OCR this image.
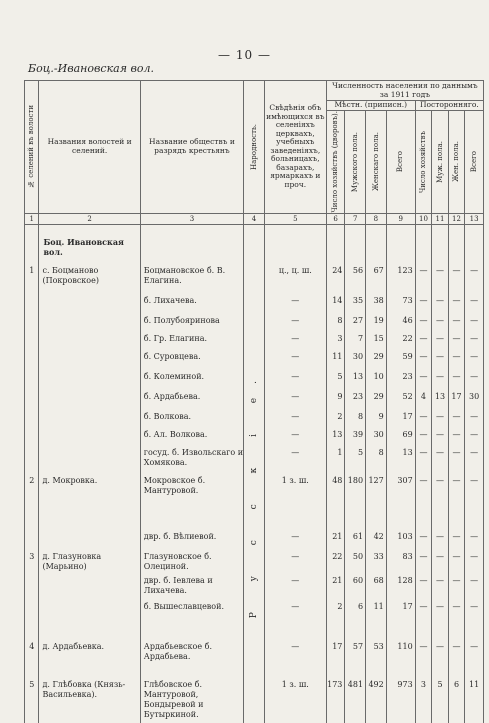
— 10 —
Боц.-Ивановская вол.
№ селений въ волости	Названия волостей и селений.	Название обществъ и разрядъ крестьянъ	Народность.	Свѣдѣнія объ имѣющихся въ селеніяхъ церквахъ, учебныхъ заведеніяхъ, больницахъ, базарахъ, ярмаркахъ и проч.	Численность населения по даннымъ за 1911 годъ							
					Мѣстн. (приписн.)				Посторонняго.			

					Число хозяйствъ (дворовъ).	Мужского пола.	Женскаго пола.	Всего	Число хозяйствъ	Муж. пола.	Жен. пола.	Всего

1	2	3	4	5	6	7	8	9	10	11	12	13
	Боц. Ивановская вол.											
1	с. Боцманово (Покровское)	Боцмановское б. В. Елагина.	Р у с с к і е.	ц., ц. ш.	24	56	67	123	—	—	—	—
		б. Лихачева.		—	14	35	38	73	—	—	—	—
		б. Полубояринова		—	8	27	19	46	—	—	—	—
		б. Гр. Елагина.		—	3	7	15	22	—	—	—	—
		б. Суровцева.		—	11	30	29	59	—	—	—	—
		б. Колеминой.		—	5	13	10	23	—	—	—	—
		б. Ардабьева.		—	9	23	29	52	4	13	17	30
		б. Волкова.		—	2	8	9	17	—	—	—	—
		б. Ал. Волкова.		—	13	39	30	69	—	—	—	—
		госуд. б. Извольскаго и Хомякова.		—	1	5	8	13	—	—	—	—
2	д. Мокровка.	Мокровское б. Мантуровой.		1 з. ш.	48	180	127	307	—	—	—	—
		двр. б. Вѣлиевой.		—	21	61	42	103	—	—	—	—
3	д. Глазуновка (Марьино)	Глазуновское б. Олециной.		—	22	50	33	83	—	—	—	—
		двр. б. Іевлева и Лихачева.		—	21	60	68	128	—	—	—	—
		б. Вышеславцевой.		—	2	6	11	17	—	—	—	—
4	д. Ардабьевка.	Ардабьевское б. Ардабьева.		—	17	57	53	110	—	—	—	—
5	д. Глѣбовка (Князь-Васильевка).	Глѣбовское б. Мантуровой, Бондыревой и Бутыркиной.		1 з. ш.	173	481	492	973	3	5	6	11
